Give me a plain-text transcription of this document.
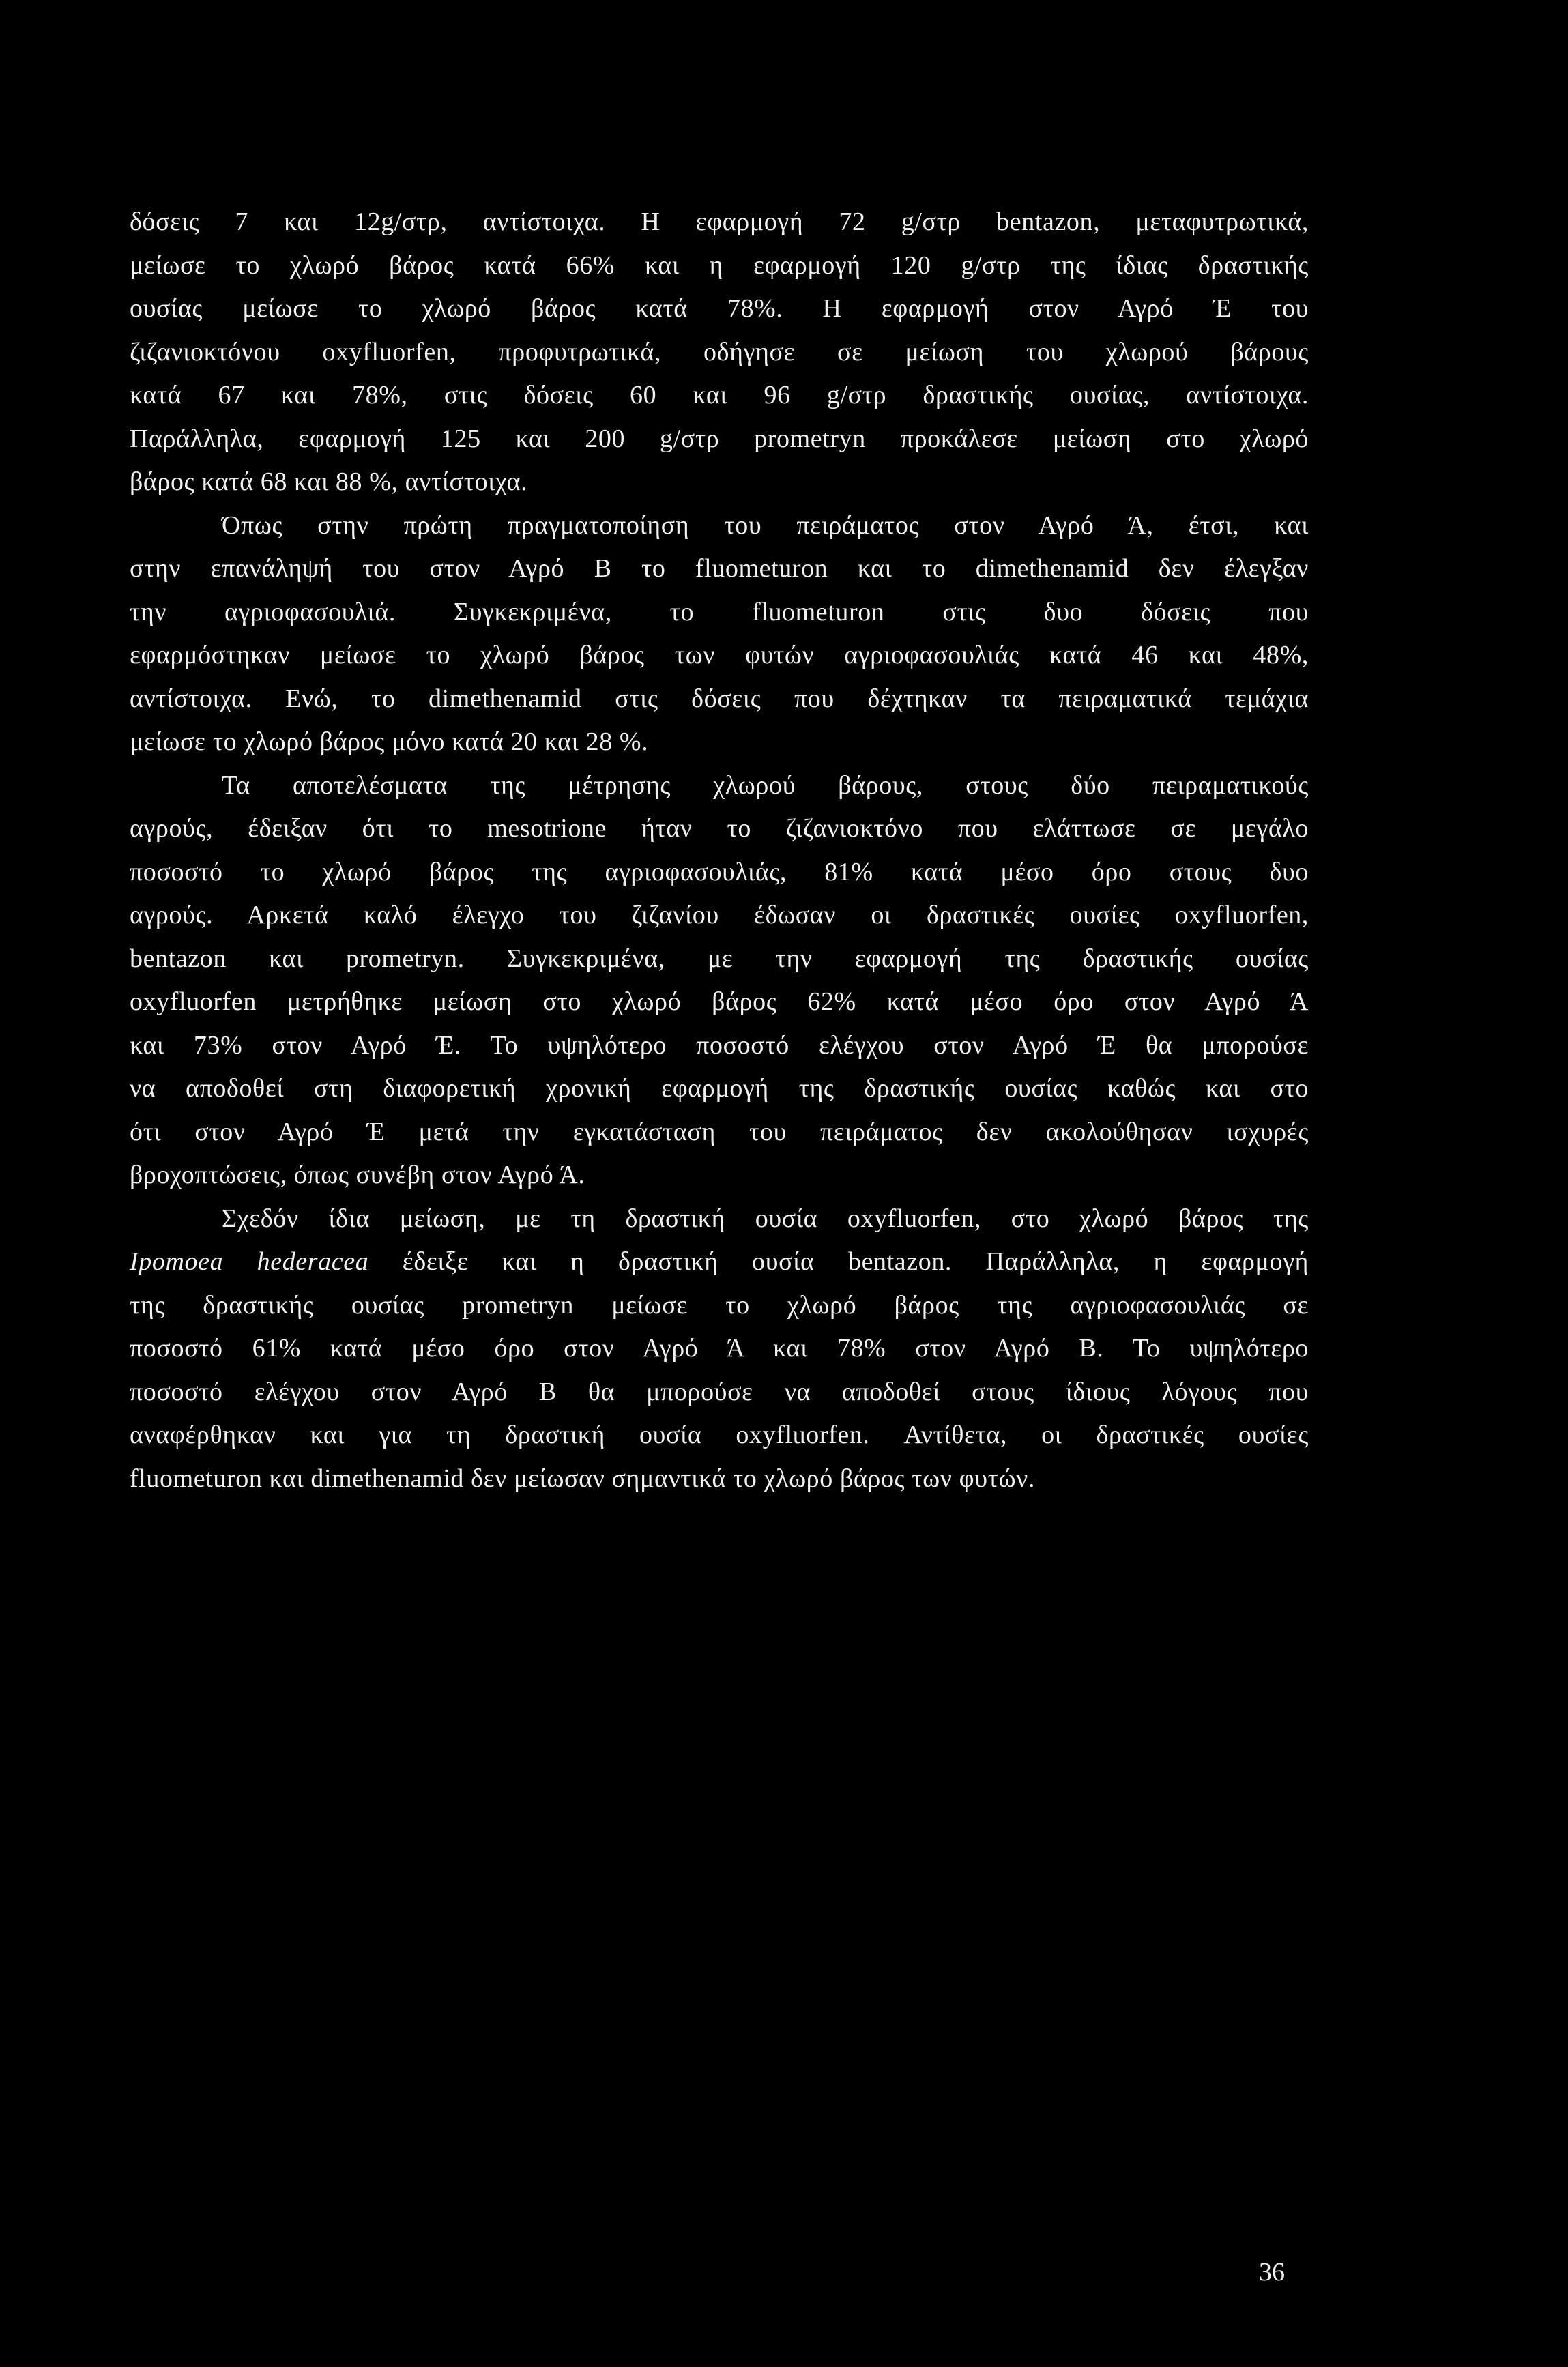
δόσεις 7 και 12g/στρ, αντίστοιχα. Η εφαρμογή 72 g/στρ bentazon, μεταφυτρωτικά,
μείωσε το χλωρό βάρος κατά 66% και η εφαρμογή 120 g/στρ της ίδιας δραστικής
ουσίας μείωσε το χλωρό βάρος κατά 78%. Η εφαρμογή στον Αγρό Έ του
ζιζανιοκτόνου oxyfluorfen, προφυτρωτικά, οδήγησε σε μείωση του χλωρού βάρους
κατά 67 και 78%, στις δόσεις 60 και 96 g/στρ δραστικής ουσίας, αντίστοιχα.
Παράλληλα, εφαρμογή 125 και 200 g/στρ prometryn προκάλεσε μείωση στο χλωρό
βάρος κατά 68 και 88 %, αντίστοιχα.
Όπως στην πρώτη πραγματοποίηση του πειράματος στον Αγρό Ά, έτσι, και
στην επανάληψή του στον Αγρό Β το fluometuron και το dimethenamid δεν έλεγξαν
την αγριοφασουλιά. Συγκεκριμένα, το fluometuron στις δυο δόσεις που
εφαρμόστηκαν μείωσε το χλωρό βάρος των φυτών αγριοφασουλιάς κατά 46 και 48%,
αντίστοιχα. Ενώ, το dimethenamid στις δόσεις που δέχτηκαν τα πειραματικά τεμάχια
μείωσε το χλωρό βάρος μόνο κατά 20 και 28 %.
Τα αποτελέσματα της μέτρησης χλωρού βάρους, στους δύο πειραματικούς
αγρούς, έδειξαν ότι το mesotrione ήταν το ζιζανιοκτόνο που ελάττωσε σε μεγάλο
ποσοστό το χλωρό βάρος της αγριοφασουλιάς, 81% κατά μέσο όρο στους δυο
αγρούς. Αρκετά καλό έλεγχο του ζιζανίου έδωσαν οι δραστικές ουσίες oxyfluorfen,
bentazon και prometryn. Συγκεκριμένα, με την εφαρμογή της δραστικής ουσίας
oxyfluorfen μετρήθηκε μείωση στο χλωρό βάρος 62% κατά μέσο όρο στον Αγρό Ά
και 73% στον Αγρό Έ. Το υψηλότερο ποσοστό ελέγχου στον Αγρό Έ θα μπορούσε
να αποδοθεί στη διαφορετική χρονική εφαρμογή της δραστικής ουσίας καθώς και στο
ότι στον Αγρό Έ μετά την εγκατάσταση του πειράματος δεν ακολούθησαν ισχυρές
βροχοπτώσεις, όπως συνέβη στον Αγρό Ά.
Σχεδόν ίδια μείωση, με τη δραστική ουσία oxyfluorfen, στο χλωρό βάρος της
Ipomoea hederacea έδειξε και η δραστική ουσία bentazon. Παράλληλα, η εφαρμογή
της δραστικής ουσίας prometryn μείωσε το χλωρό βάρος της αγριοφασουλιάς σε
ποσοστό 61% κατά μέσο όρο στον Αγρό Ά και 78% στον Αγρό Β. Το υψηλότερο
ποσοστό ελέγχου στον Αγρό Β θα μπορούσε να αποδοθεί στους ίδιους λόγους που
αναφέρθηκαν και για τη δραστική ουσία oxyfluorfen. Αντίθετα, οι δραστικές ουσίες
fluometuron και dimethenamid δεν μείωσαν σημαντικά το χλωρό βάρος των φυτών.
36
